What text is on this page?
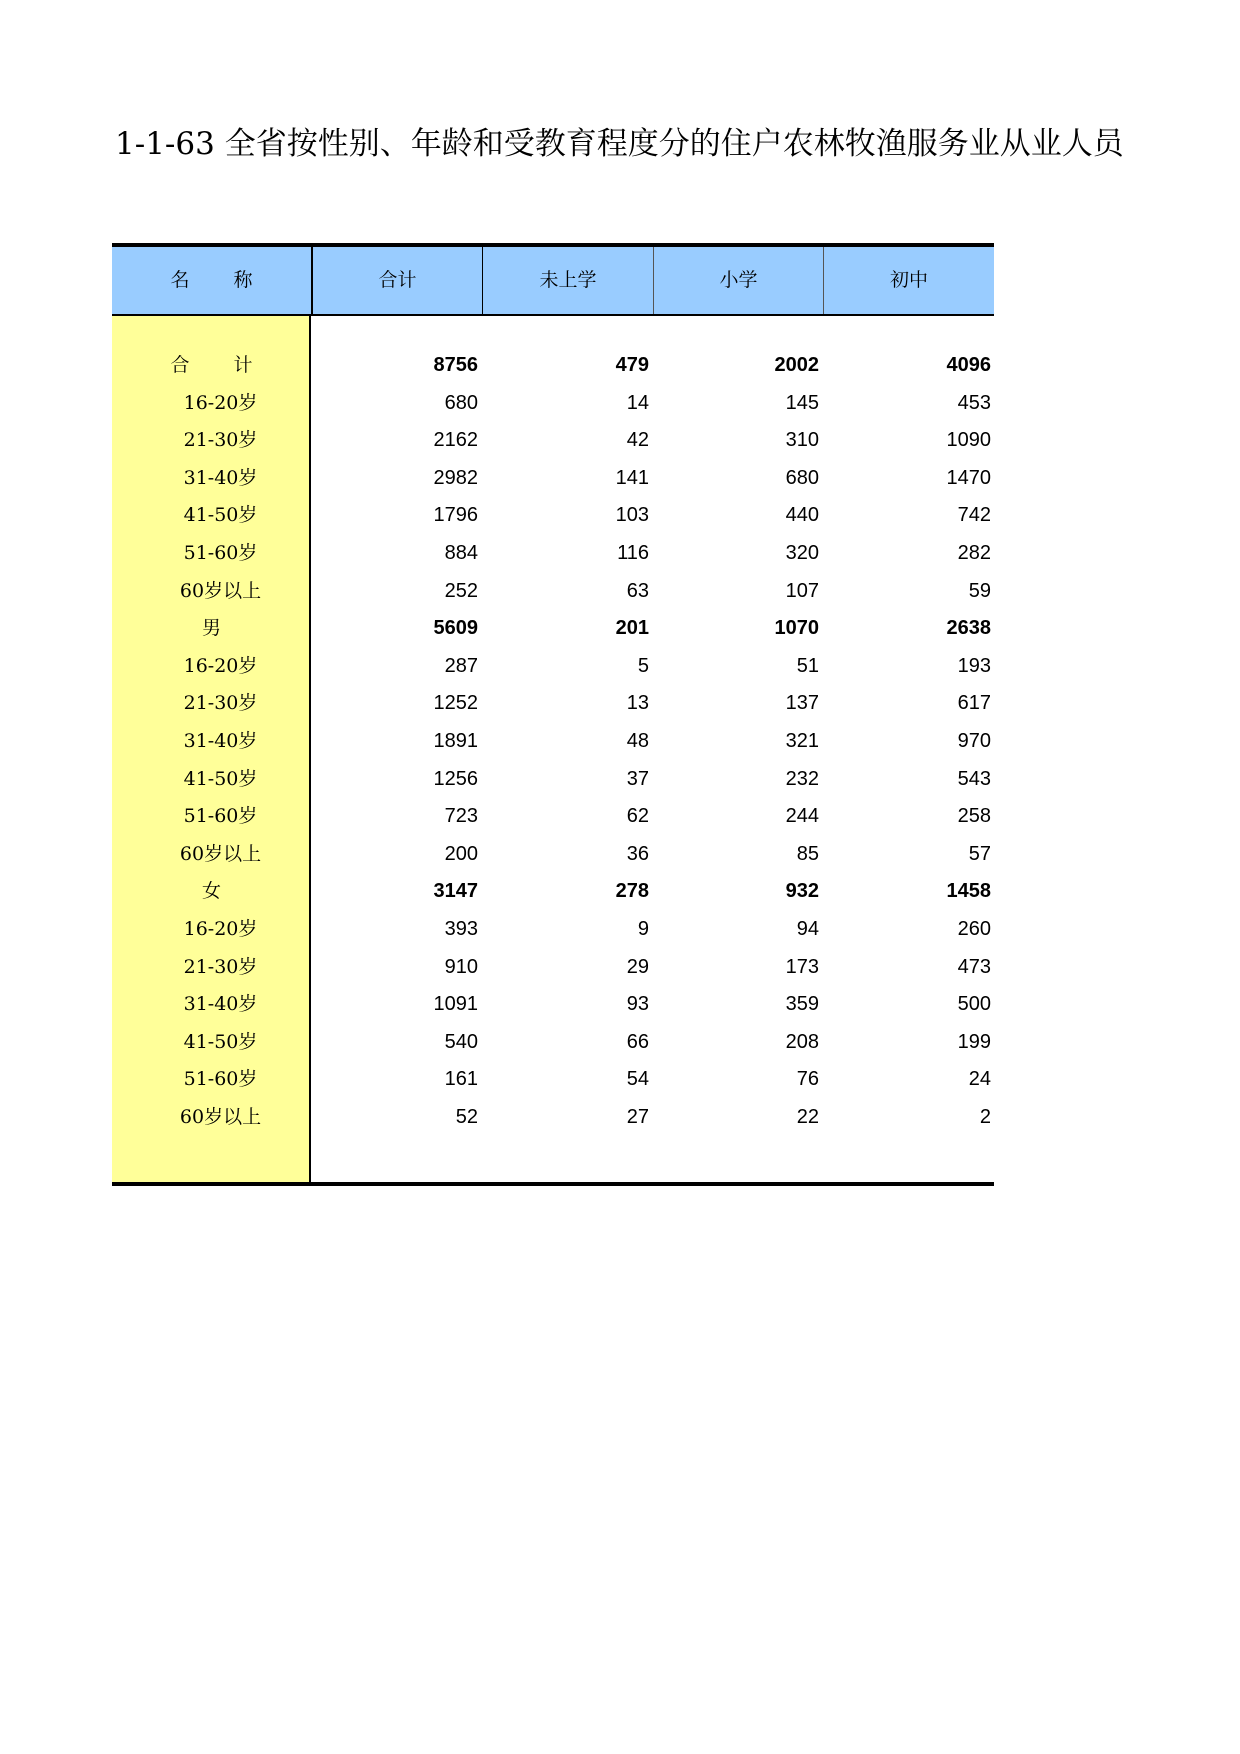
1-1-63 全省按性别、年龄和受教育程度分的住户农林牧渔服务业从业人员
名 称	合计	未上学	小学	初中
合 计	8756	479	2002	4096
16-20岁	680	14	145	453
21-30岁	2162	42	310	1090
31-40岁	2982	141	680	1470
41-50岁	1796	103	440	742
51-60岁	884	116	320	282
60岁以上	252	63	107	59
男	5609	201	1070	2638
16-20岁	287	5	51	193
21-30岁	1252	13	137	617
31-40岁	1891	48	321	970
41-50岁	1256	37	232	543
51-60岁	723	62	244	258
60岁以上	200	36	85	57
女	3147	278	932	1458
16-20岁	393	9	94	260
21-30岁	910	29	173	473
31-40岁	1091	93	359	500
41-50岁	540	66	208	199
51-60岁	161	54	76	24
60岁以上	52	27	22	2
